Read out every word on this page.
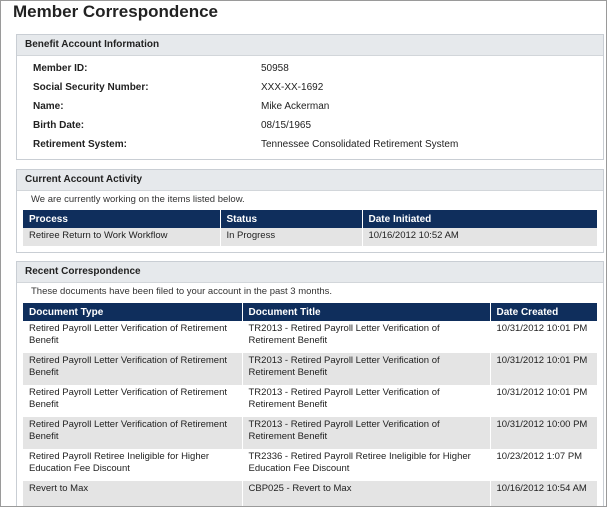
Member Correspondence
Benefit Account Information
Member ID:	50958
Social Security Number:	XXX-XX-1692
Name:	Mike Ackerman
Birth Date:	08/15/1965
Retirement System:	Tennessee Consolidated Retirement System
Current Account Activity
We are currently working on the items listed below.
Process	Status	Date Initiated
Retiree Return to Work Workflow	In Progress	10/16/2012 10:52 AM
Recent Correspondence
These documents have been filed to your account in the past 3 months.
Document Type	Document Title	Date Created
Retired Payroll Letter Verification of Retirement Benefit	TR2013 - Retired Payroll Letter Verification of Retirement Benefit	10/31/2012 10:01 PM
Retired Payroll Letter Verification of Retirement Benefit	TR2013 - Retired Payroll Letter Verification of Retirement Benefit	10/31/2012 10:01 PM
Retired Payroll Letter Verification of Retirement Benefit	TR2013 - Retired Payroll Letter Verification of Retirement Benefit	10/31/2012 10:01 PM
Retired Payroll Letter Verification of Retirement Benefit	TR2013 - Retired Payroll Letter Verification of Retirement Benefit	10/31/2012 10:00 PM
Retired Payroll Retiree Ineligible for Higher Education Fee Discount	TR2336 - Retired Payroll Retiree Ineligible for Higher Education Fee Discount	10/23/2012 1:07 PM
Revert to Max	CBP025 - Revert to Max	10/16/2012 10:54 AM
